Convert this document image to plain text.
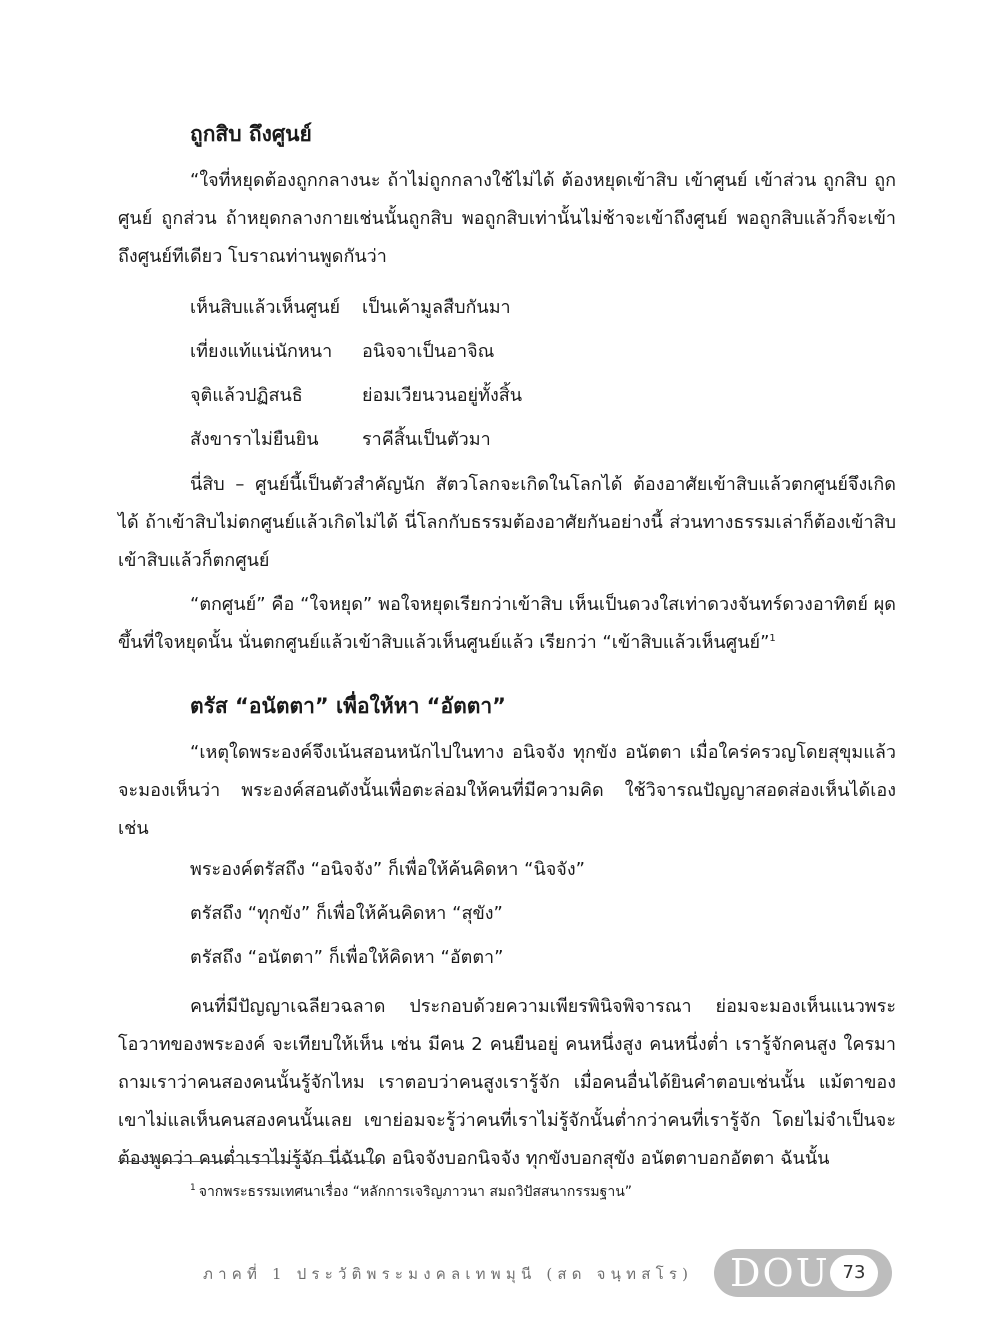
ถูกสิบ ถึงศูนย์

“ใจที่หยุดต้องถูกกลางนะ ถ้าไม่ถูกกลางใช้ไม่ได้ ต้องหยุดเข้าสิบ เข้าศูนย์ เข้าส่วน ถูกสิบ ถูกศูนย์ ถูกส่วน ถ้าหยุดกลางกายเช่นนั้นถูกสิบ พอถูกสิบเท่านั้นไม่ช้าจะเข้าถึงศูนย์ พอถูกสิบแล้วก็จะเข้าถึงศูนย์ทีเดียว โบราณท่านพูดกันว่า

เห็นสิบแล้วเห็นศูนย์	เป็นเค้ามูลสืบกันมา
เที่ยงแท้แน่นักหนา	อนิจจาเป็นอาจิณ
จุติแล้วปฏิสนธิ	ย่อมเวียนวนอยู่ทั้งสิ้น
สังขาราไม่ยืนยิน	ราคีสิ้นเป็นตัวมา

นี่สิบ – ศูนย์นี้เป็นตัวสำคัญนัก สัตวโลกจะเกิดในโลกได้ ต้องอาศัยเข้าสิบแล้วตกศูนย์จึงเกิดได้ ถ้าเข้าสิบไม่ตกศูนย์แล้วเกิดไม่ได้ นี่โลกกับธรรมต้องอาศัยกันอย่างนี้ ส่วนทางธรรมเล่าก็ต้องเข้าสิบ เข้าสิบแล้วก็ตกศูนย์

“ตกศูนย์” คือ “ใจหยุด” พอใจหยุดเรียกว่าเข้าสิบ เห็นเป็นดวงใสเท่าดวงจันทร์ดวงอาทิตย์ ผุดขึ้นที่ใจหยุดนั้น นั่นตกศูนย์แล้วเข้าสิบแล้วเห็นศูนย์แล้ว เรียกว่า “เข้าสิบแล้วเห็นศูนย์”$^1$

ตรัส “อนัตตา” เพื่อให้หา “อัตตา”

“เหตุใดพระองค์จึงเน้นสอนหนักไปในทาง อนิจจัง ทุกขัง อนัตตา เมื่อใคร่ครวญโดยสุขุมแล้ว จะมองเห็นว่า พระองค์สอนดังนั้นเพื่อตะล่อมให้คนที่มีความคิด ใช้วิจารณปัญญาสอดส่องเห็นได้เอง เช่น

พระองค์ตรัสถึง “อนิจจัง” ก็เพื่อให้ค้นคิดหา “นิจจัง”
ตรัสถึง “ทุกขัง” ก็เพื่อให้ค้นคิดหา “สุขัง”
ตรัสถึง “อนัตตา” ก็เพื่อให้คิดหา “อัตตา”

คนที่มีปัญญาเฉลียวฉลาด ประกอบด้วยความเพียรพินิจพิจารณา ย่อมจะมองเห็นแนวพระโอวาทของพระองค์ จะเทียบให้เห็น เช่น มีคน 2 คนยืนอยู่ คนหนึ่งสูง คนหนึ่งต่ำ เรารู้จักคนสูง ใครมาถามเราว่าคนสองคนนั้นรู้จักไหม เราตอบว่าคนสูงเรารู้จัก เมื่อคนอื่นได้ยินคำตอบเช่นนั้น แม้ตาของเขาไม่แลเห็นคนสองคนนั้นเลย เขาย่อมจะรู้ว่าคนที่เราไม่รู้จักนั้นต่ำกว่าคนที่เรารู้จัก โดยไม่จำเป็นจะต้องพูดว่า คนต่ำเราไม่รู้จัก นี่ฉันใด อนิจจังบอกนิจจัง ทุกขังบอกสุขัง อนัตตาบอกอัตตา ฉันนั้น

$^1$ จากพระธรรมเทศนาเรื่อง “หลักการเจริญภาวนา สมถวิปัสสนากรรมฐาน”
ภาคที่ 1 ประวัติพระมงคลเทพมุนี (สด จนฺทสโร) DOU 73
